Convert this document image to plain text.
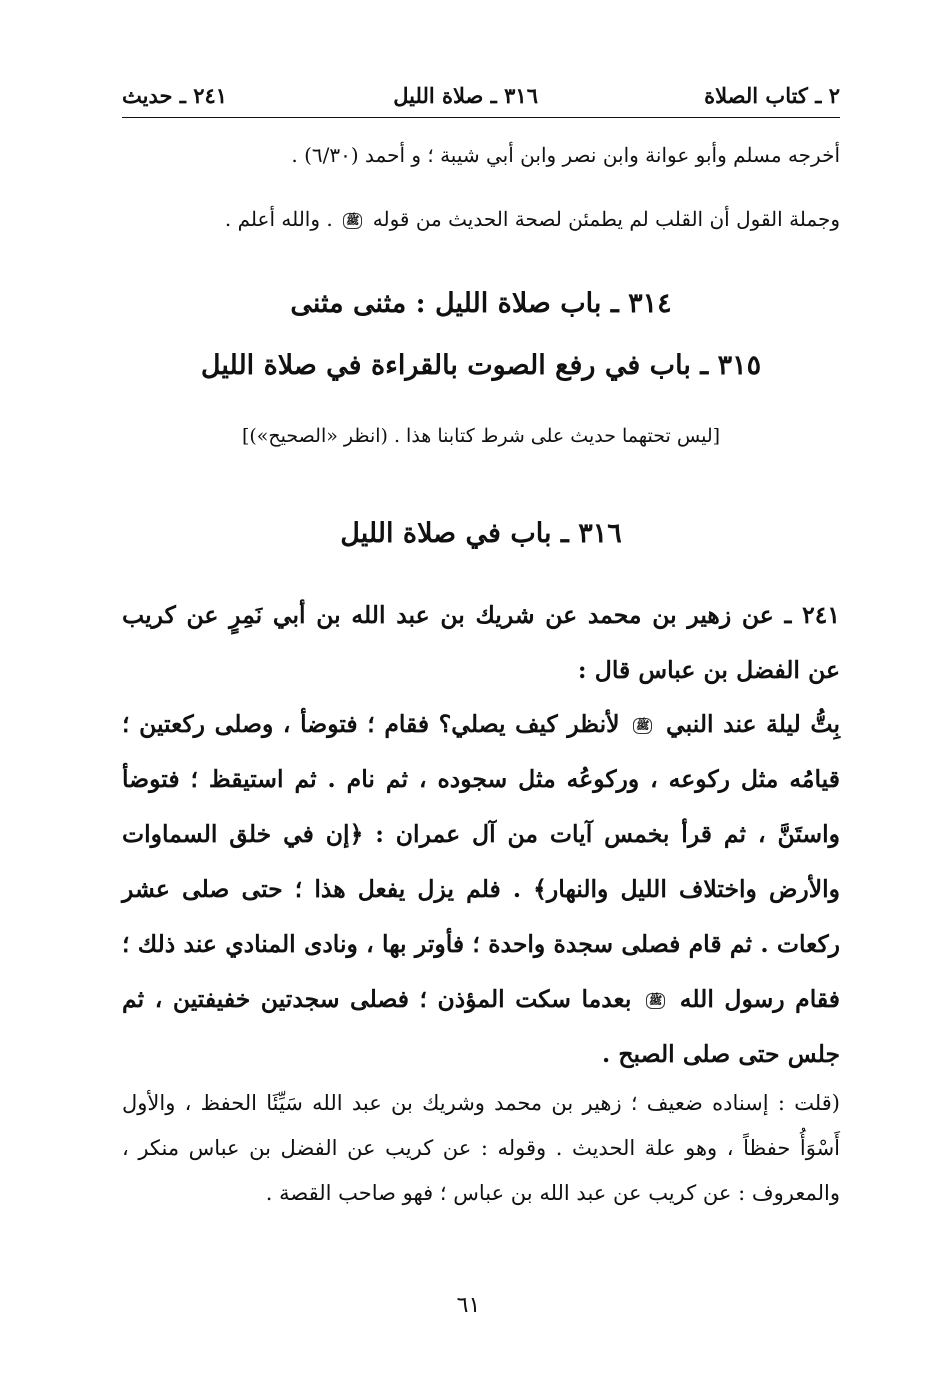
٢ ـ كتاب الصلاة
٣١٦ ـ صلاة الليل
٢٤١ ـ حديث
أخرجه مسلم وأبو عوانة وابن نصر وابن أبي شيبة ؛ و أحمد (٦/٣٠) .
وجملة القول أن القلب لم يطمئن لصحة الحديث من قوله ﷺ . والله أعلم .
٣١٤ ـ باب صلاة الليل : مثنى مثنى
٣١٥ ـ باب في رفع الصوت بالقراءة في صلاة الليل
[ليس تحتهما حديث على شرط كتابنا هذا . (انظر «الصحيح»)]
٣١٦ ـ باب في صلاة الليل
٢٤١ ـ عن زهير بن محمد عن شريك بن عبد الله بن أبي نَمِرٍ عن كريب عن الفضل بن عباس قال :
بِتُّ ليلة عند النبي ﷺ لأنظر كيف يصلي؟ فقام ؛ فتوضأ ، وصلى ركعتين ؛ قيامُه مثل ركوعه ، وركوعُه مثل سجوده ، ثم نام . ثم استيقظ ؛ فتوضأ واستَنَّ ، ثم قرأ بخمس آيات من آل عمران : ﴿إن في خلق السماوات والأرض واختلاف الليل والنهار﴾ . فلم يزل يفعل هذا ؛ حتى صلى عشر ركعات . ثم قام فصلى سجدة واحدة ؛ فأوتر بها ، ونادى المنادي عند ذلك ؛ فقام رسول الله ﷺ بعدما سكت المؤذن ؛ فصلى سجدتين خفيفتين ، ثم جلس حتى صلى الصبح .
(قلت : إسناده ضعيف ؛ زهير بن محمد وشريك بن عبد الله سَيِّئَا الحفظ ، والأول أَسْوَأُ حفظاً ، وهو علة الحديث . وقوله : عن كريب عن الفضل بن عباس منكر ، والمعروف : عن كريب عن عبد الله بن عباس ؛ فهو صاحب القصة .
٦١
